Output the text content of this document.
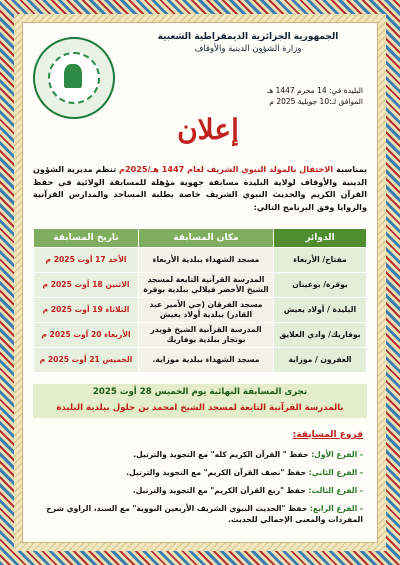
الجمهورية الجزائرية الديمقراطية الشعبية
وزارة الشؤون الدينية والأوقاف
البليدة في: 14 محرم 1447 هـ
الموافق لـ:10 جويلية 2025 م
إعلان
بمناسبة الاحتفال بالمولد النبوي الشريف لعام 1447 هـ/2025م تنظم مديرية الشؤون الدينية والأوقاف لولاية البليدة مسابقة جهوية مؤهلة للمسابقة الولائية في حفظ القرآن الكريم والحديث النبوي الشريف خاصة بطلبة المساجد والمدارس القرآنية والزوايا وفق البرنامج التالي:
الدوائر	مكان المسابقة	تاريخ المسابقة
مفتاح/ الأربعاء	مسجد الشهداء ببلدية الأربعاء	الأحد 17 أوت 2025 م
بوقرة/ بوعينان	المدرسة القرآنية التابعة لمسجد الشيخ الأخضر فيلالي ببلدية بوقرة	الاثنين 18 أوت 2025 م
البليدة / أولاد يعيش	مسجد الفرقان (حي الأمير عبد القادر) ببلدية أولاد يعيش	الثلاثاء 19 أوت 2025 م
بوفاريك/ وادي العلايق	المدرسة القرآنية الشيخ قويدر بوتجار ببلدية بوفاريك	الأربعاء 20 أوت 2025 م
العفرون / موزاية	مسجد الشهداء ببلدية موزاية.	الخميس 21 أوت 2025 م
تجرى المسابقة النهائية يوم الخميس 28 أوت 2025
بالمدرسة القرآنية التابعة لمسجد الشيخ امحمد بن جلول ببلدية البليدة
فروع المسابقة:
- الفرع الأول: حفظ " القرآن الكريم كله" مع التجويد والترتيل.
- الفرع الثاني: حفظ "نصف القرآن الكريم" مع التجويد والترتيل.
- الفرع الثالث: حفظ "ربع القرآن الكريم" مع التجويد والترتيل.
- الفرع الرابع: حفظ "الحديث النبوي الشريف الأربعين النووية" مع السند، الراوي شرح المفردات والمعنى الإجمالي للحديث.
